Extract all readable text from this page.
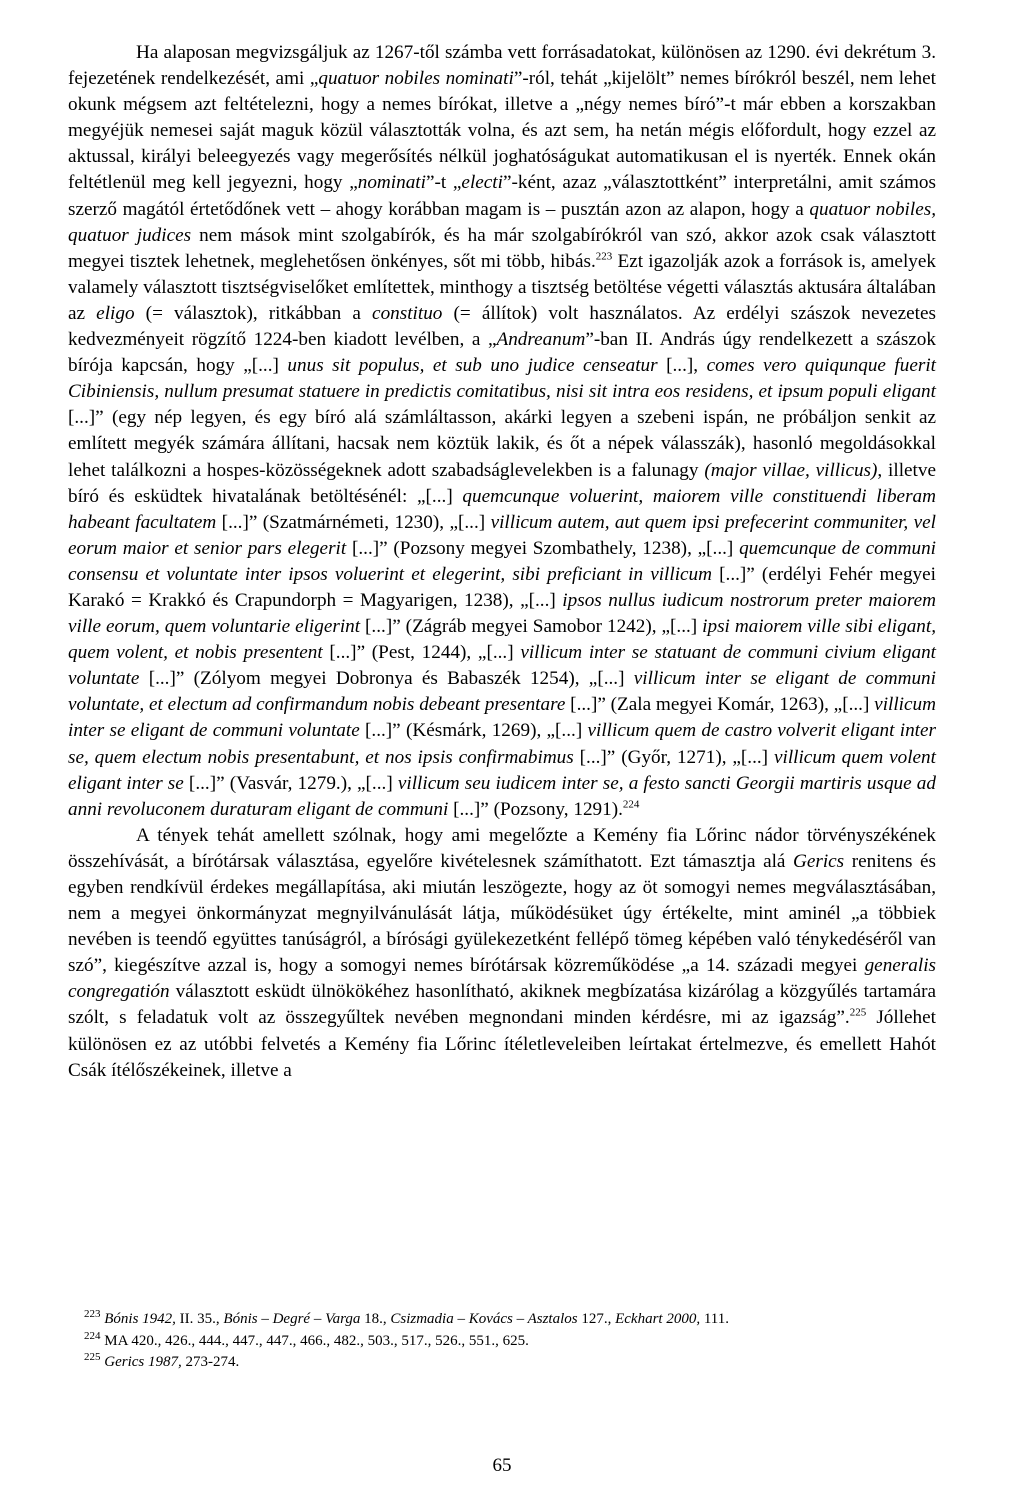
Ha alaposan megvizsgáljuk az 1267-től számba vett forrásadatokat, különösen az 1290. évi dekrétum 3. fejezetének rendelkezését, ami „quatuor nobiles nominati”-ról, tehát „kijelölt” nemes bírókról beszél, nem lehet okunk mégsem azt feltételezni, hogy a nemes bírókat, illetve a „négy nemes bíró”-t már ebben a korszakban megyéjük nemesei saját maguk közül választották volna, és azt sem, ha netán mégis előfordult, hogy ezzel az aktussal, királyi beleegyezés vagy megerősítés nélkül joghatóságukat automatikusan el is nyerték. Ennek okán feltétlenül meg kell jegyezni, hogy „nominati”-t „electi”-ként, azaz „választottként” interpretálni, amit számos szerző magától értetődőnek vett – ahogy korábban magam is – pusztán azon az alapon, hogy a quatuor nobiles, quatuor judices nem mások mint szolgabírók, és ha már szolgabírókról van szó, akkor azok csak választott megyei tisztek lehetnek, meglehetősen önkényes, sőt mi több, hibás.$^{223}$ Ezt igazolják azok a források is, amelyek valamely választott tisztségviselőket említettek, minthogy a tisztség betöltése végetti választás aktusára általában az eligo (= választok), ritkábban a constituo (= állítok) volt használatos. Az erdélyi szászok nevezetes kedvezményeit rögzítő 1224-ben kiadott levélben, a „Andreanum”-ban II. András úgy rendelkezett a szászok bírója kapcsán, hogy „[...] unus sit populus, et sub uno judice censeatur [...], comes vero quiqunque fuerit Cibiniensis, nullum presumat statuere in predictis comitatibus, nisi sit intra eos residens, et ipsum populi eligant [...]” (egy nép legyen, és egy bíró alá számláltasson, akárki legyen a szebeni ispán, ne próbáljon senkit az említett megyék számára állítani, hacsak nem köztük lakik, és őt a népek válasszák), hasonló megoldásokkal lehet találkozni a hospes-közösségeknek adott szabadságlevelekben is a falunagy (major villae, villicus), illetve bíró és esküdtek hivatalának betöltésénél: „[...] quemcunque voluerint, maiorem ville constituendi liberam habeant facultatem [...]” (Szatmárnémeti, 1230), „[...] villicum autem, aut quem ipsi prefecerint communiter, vel eorum maior et senior pars elegerit [...]” (Pozsony megyei Szombathely, 1238), „[...] quemcunque de communi consensu et voluntate inter ipsos voluerint et elegerint, sibi preficiant in villicum [...]” (erdélyi Fehér megyei Karakó = Krakkó és Crapundorph = Magyarigen, 1238), „[...] ipsos nullus iudicum nostrorum preter maiorem ville eorum, quem voluntarie eligerint [...]” (Zágráb megyei Samobor 1242), „[...] ipsi maiorem ville sibi eligant, quem volent, et nobis presentent [...]” (Pest, 1244), „[...] villicum inter se statuant de communi civium eligant voluntate [...]” (Zólyom megyei Dobronya és Babaszék 1254), „[...] villicum inter se eligant de communi voluntate, et electum ad confirmandum nobis debeant presentare [...]” (Zala megyei Komár, 1263), „[...] villicum inter se eligant de communi voluntate [...]” (Késmárk, 1269), „[...] villicum quem de castro volverit eligant inter se, quem electum nobis presentabunt, et nos ipsis confirmabimus [...]” (Győr, 1271), „[...] villicum quem volent eligant inter se [...]” (Vasvár, 1279.), „[...] villicum seu iudicem inter se, a festo sancti Georgii martiris usque ad anni revoluconem duraturam eligant de communi [...]” (Pozsony, 1291).$^{224}$

A tények tehát amellett szólnak, hogy ami megelőzte a Kemény fia Lőrinc nádor törvényszékének összehívását, a bírótársak választása, egyelőre kivételesnek számíthatott. Ezt támasztja alá Gerics renitens és egyben rendkívül érdekes megállapítása, aki miután leszögezte, hogy az öt somogyi nemes megválasztásában, nem a megyei önkormányzat megnyilvánulását látja, működésüket úgy értékelte, mint aminél „a többiek nevében is teendő együttes tanúságról, a bírósági gyülekezetként fellépő tömeg képében való ténykedéséről van szó”, kiegészítve azzal is, hogy a somogyi nemes bírótársak közreműködése „a 14. századi megyei generalis congregatión választott esküdt ülnökökéhez hasonlítható, akiknek megbízatása kizárólag a közgyűlés tartamára szólt, s feladatuk volt az összegyűltek nevében megnondani minden kérdésre, mi az igazság”.$^{225}$ Jóllehet különösen ez az utóbbi felvetés a Kemény fia Lőrinc ítéletleveleiben leírtakat értelmezve, és emellett Hahót Csák ítélőszékeinek, illetve a

$^{223}$ Bónis 1942, II. 35., Bónis – Degré – Varga 18., Csizmadia – Kovács – Asztalos 127., Eckhart 2000, 111.

$^{224}$ MA 420., 426., 444., 447., 447., 466., 482., 503., 517., 526., 551., 625.

$^{225}$ Gerics 1987, 273-274.

65
